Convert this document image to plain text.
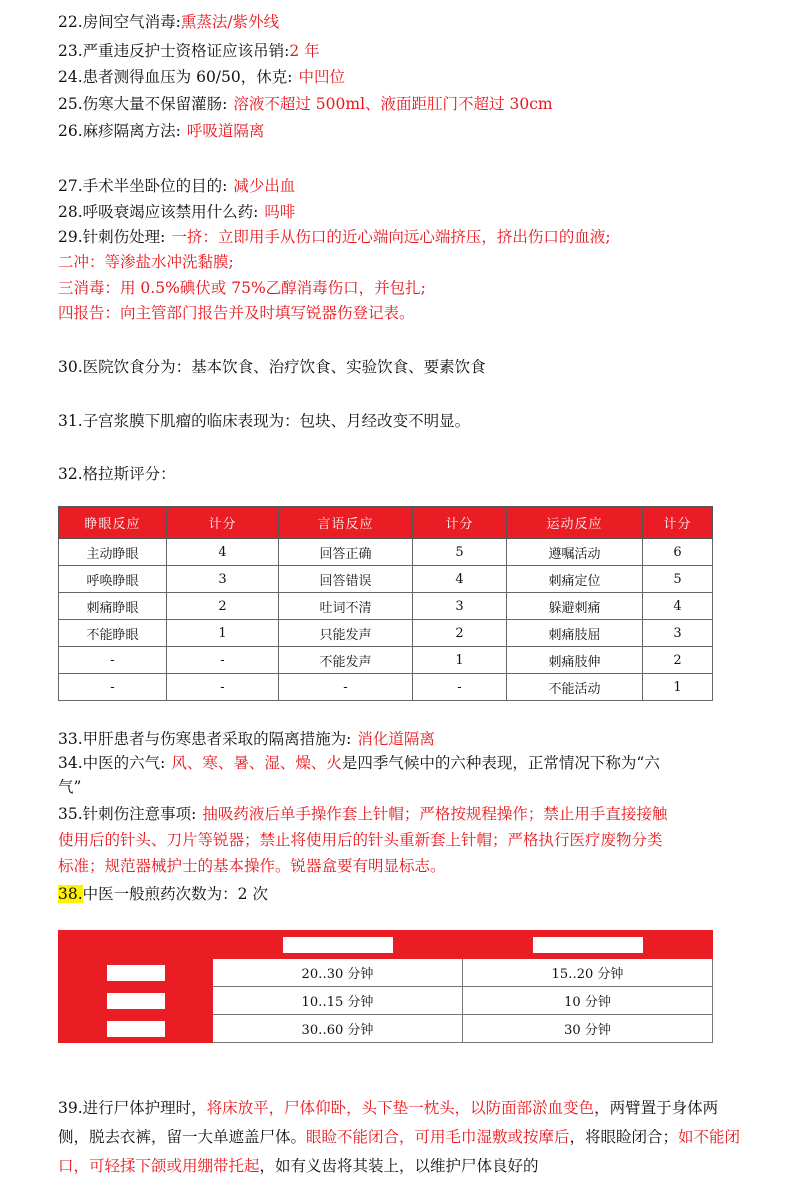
22.房间空气消毒:熏蒸法/紫外线
23.严重违反护士资格证应该吊销:2 年
24.患者测得血压为 60/50，休克: 中凹位
25.伤寒大量不保留灌肠: 溶液不超过 500ml、液面距肛门不超过 30cm
26.麻疹隔离方法: 呼吸道隔离
27.手术半坐卧位的目的: 减少出血
28.呼吸衰竭应该禁用什么药: 吗啡
29.针刺伤处理: 一挤：立即用手从伤口的近心端向远心端挤压，挤出伤口的血液;
二冲：等渗盐水冲洗黏膜;
三消毒：用 0.5%碘伏或 75%乙醇消毒伤口，并包扎;
四报告：向主管部门报告并及时填写锐器伤登记表。
30.医院饮食分为：基本饮食、治疗饮食、实验饮食、要素饮食
31.子宫浆膜下肌瘤的临床表现为：包块、月经改变不明显。
32.格拉斯评分：
睁眼反应	计分	言语反应	计分	运动反应	计分
主动睁眼	4	回答正确	5	遵嘱活动	6
呼唤睁眼	3	回答错误	4	刺痛定位	5
刺痛睁眼	2	吐词不清	3	躲避刺痛	4
不能睁眼	1	只能发声	2	刺痛肢屈	3
-	-	不能发声	1	刺痛肢伸	2
-	-	-	-	不能活动	1
33.甲肝患者与伤寒患者采取的隔离措施为: 消化道隔离
34.中医的六气: 风、寒、暑、湿、燥、火是四季气候中的六种表现，正常情况下称为“六
气”
35.针刺伤注意事项: 抽吸药液后单手操作套上针帽；严格按规程操作；禁止用手直接接触
使用后的针头、刀片等锐器；禁止将使用后的针头重新套上针帽；严格执行医疗废物分类
标准；规范器械护士的基本操作。锐器盒要有明显标志。
38.中医一般煎药次数为：2 次

	20‥30 分钟	15‥20 分钟
	10‥15 分钟	10 分钟
	30‥60 分钟	30 分钟
39.进行尸体护理时，将床放平，尸体仰卧，头下垫一枕头，以防面部淤血变色，两臂置于身体两侧，脱去衣裤，留一大单遮盖尸体。眼睑不能闭合，可用毛巾湿敷或按摩后，将眼睑闭合；如不能闭口，可轻揉下颌或用绷带托起，如有义齿将其装上，以维护尸体良好的
